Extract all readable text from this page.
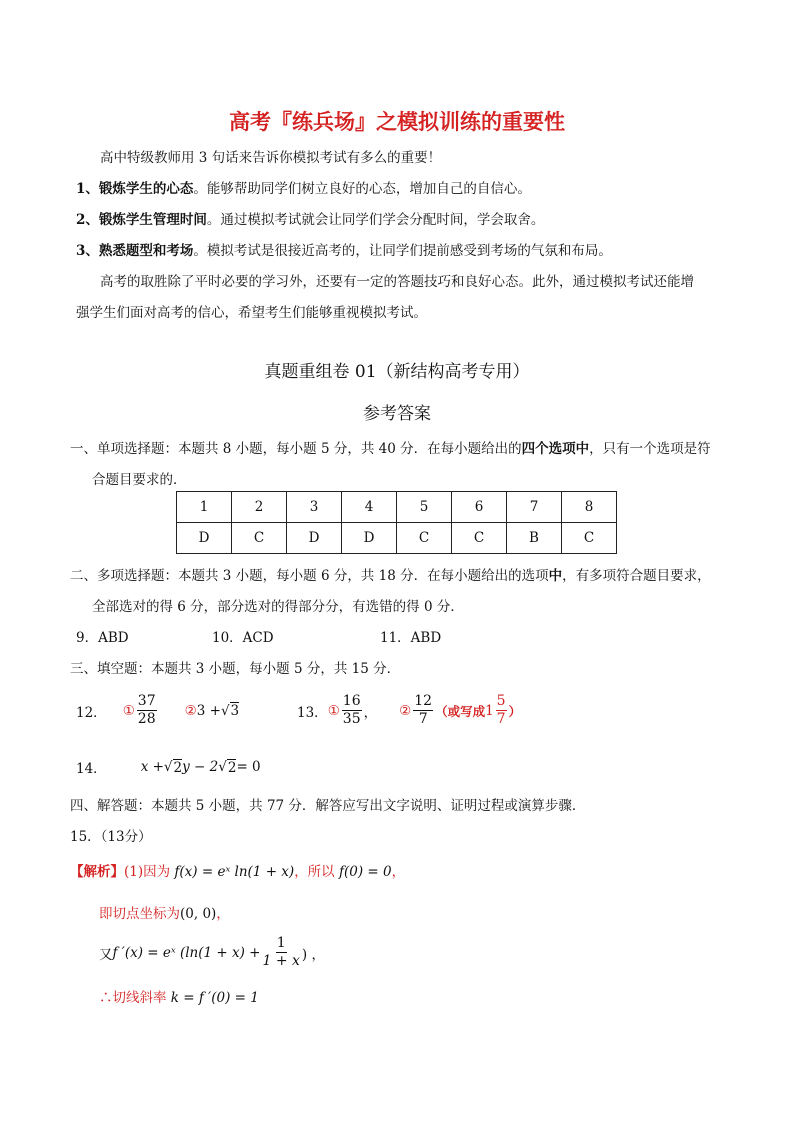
高考『练兵场』之模拟训练的重要性
高中特级教师用 3 句话来告诉你模拟考试有多么的重要！
1、锻炼学生的心态。能够帮助同学们树立良好的心态，增加自己的自信心。
2、锻炼学生管理时间。通过模拟考试就会让同学们学会分配时间，学会取舍。
3、熟悉题型和考场。模拟考试是很接近高考的，让同学们提前感受到考场的气氛和布局。
高考的取胜除了平时必要的学习外，还要有一定的答题技巧和良好心态。此外，通过模拟考试还能增
强学生们面对高考的信心，希望考生们能够重视模拟考试。
真题重组卷 01（新结构高考专用）
参考答案
一、单项选择题：本题共 8 小题，每小题 5 分，共 40 分．在每小题给出的四个选项中，只有一个选项是符
合题目要求的．
1	2	3	4	5	6	7	8
D	C	D	D	C	C	B	C
二、多项选择题：本题共 3 小题，每小题 6 分，共 18 分．在每小题给出的选项中，有多项符合题目要求，
全部选对的得 6 分，部分选对的得部分分，有选错的得 0 分．
9．ABD	10．ACD	11．ABD
三、填空题：本题共 3 小题，每小题 5 分，共 15 分．
12． ① $\frac{37}{28}$ ② 3 + √ 3	13． ① $\frac{16}{35}$ ， ② $\frac{12}{7}$ （或写成 $1 \frac{5}{7}$ ）
14．	x + √ 2 y − 2 √ 2 = 0
四、解答题：本题共 5 小题，共 77 分．解答应写出文字说明、证明过程或演算步骤．
15．（13分）
【解析】(1)因为 f(x) = eˣ ln(1 + x)，所以 f(0) = 0，
即切点坐标为(0, 0)，
又 f ′(x) = eˣ ($\ln(1 + x) + \frac{1}{1 + x}$ ) ，
∴切线斜率 k = f ′(0) = 1
